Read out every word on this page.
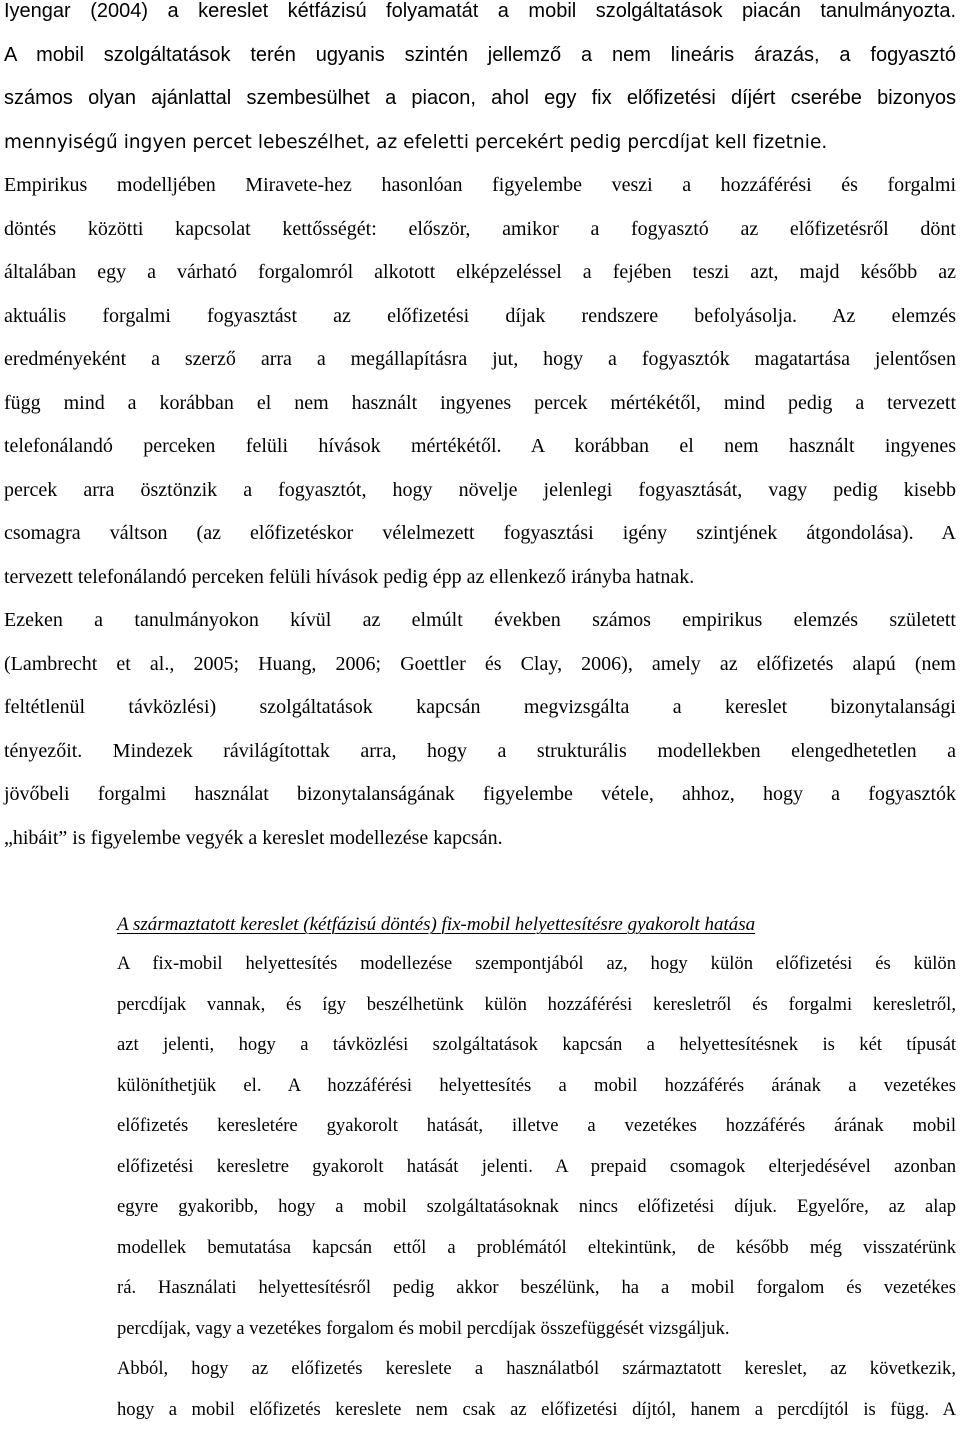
Iyengar (2004) a kereslet kétfázisú folyamatát a mobil szolgáltatások piacán tanulmányozta.
A mobil szolgáltatások terén ugyanis szintén jellemző a nem lineáris árazás, a fogyasztó
számos olyan ajánlattal szembesülhet a piacon, ahol egy fix előfizetési díjért cserébe bizonyos
mennyiségű ingyen percet lebeszélhet, az efeletti percekért pedig percdíjat kell fizetnie.
Empirikus modelljében Miravete-hez hasonlóan figyelembe veszi a hozzáférési és forgalmi
döntés közötti kapcsolat kettősségét: először, amikor a fogyasztó az előfizetésről dönt
általában egy a várható forgalomról alkotott elképzeléssel a fejében teszi azt, majd később az
aktuális forgalmi fogyasztást az előfizetési díjak rendszere befolyásolja. Az elemzés
eredményeként a szerző arra a megállapításra jut, hogy a fogyasztók magatartása jelentősen
függ mind a korábban el nem használt ingyenes percek mértékétől, mind pedig a tervezett
telefonálandó perceken felüli hívások mértékétől. A korábban el nem használt ingyenes
percek arra ösztönzik a fogyasztót, hogy növelje jelenlegi fogyasztását, vagy pedig kisebb
csomagra váltson (az előfizetéskor vélelmezett fogyasztási igény szintjének átgondolása). A
tervezett telefonálandó perceken felüli hívások pedig épp az ellenkező irányba hatnak.
Ezeken a tanulmányokon kívül az elmúlt években számos empirikus elemzés született
(Lambrecht et al., 2005; Huang, 2006; Goettler és Clay, 2006), amely az előfizetés alapú (nem
feltétlenül távközlési) szolgáltatások kapcsán megvizsgálta a kereslet bizonytalansági
tényezőit. Mindezek rávilágítottak arra, hogy a strukturális modellekben elengedhetetlen a
jövőbeli forgalmi használat bizonytalanságának figyelembe vétele, ahhoz, hogy a fogyasztók
„hibáit” is figyelembe vegyék a kereslet modellezése kapcsán.
A származtatott kereslet (kétfázisú döntés) fix-mobil helyettesítésre gyakorolt hatása
A fix-mobil helyettesítés modellezése szempontjából az, hogy külön előfizetési és külön
percdíjak vannak, és így beszélhetünk külön hozzáférési keresletről és forgalmi keresletről,
azt jelenti, hogy a távközlési szolgáltatások kapcsán a helyettesítésnek is két típusát
különíthetjük el. A hozzáférési helyettesítés a mobil hozzáférés árának a vezetékes
előfizetés keresletére gyakorolt hatását, illetve a vezetékes hozzáférés árának mobil
előfizetési keresletre gyakorolt hatását jelenti. A prepaid csomagok elterjedésével azonban
egyre gyakoribb, hogy a mobil szolgáltatásoknak nincs előfizetési díjuk. Egyelőre, az alap
modellek bemutatása kapcsán ettől a problémától eltekintünk, de később még visszatérünk
rá. Használati helyettesítésről pedig akkor beszélünk, ha a mobil forgalom és vezetékes
percdíjak, vagy a vezetékes forgalom és mobil percdíjak összefüggését vizsgáljuk.
Abból, hogy az előfizetés kereslete a használatból származtatott kereslet, az következik,
hogy a mobil előfizetés kereslete nem csak az előfizetési díjtól, hanem a percdíjtól is függ. A
